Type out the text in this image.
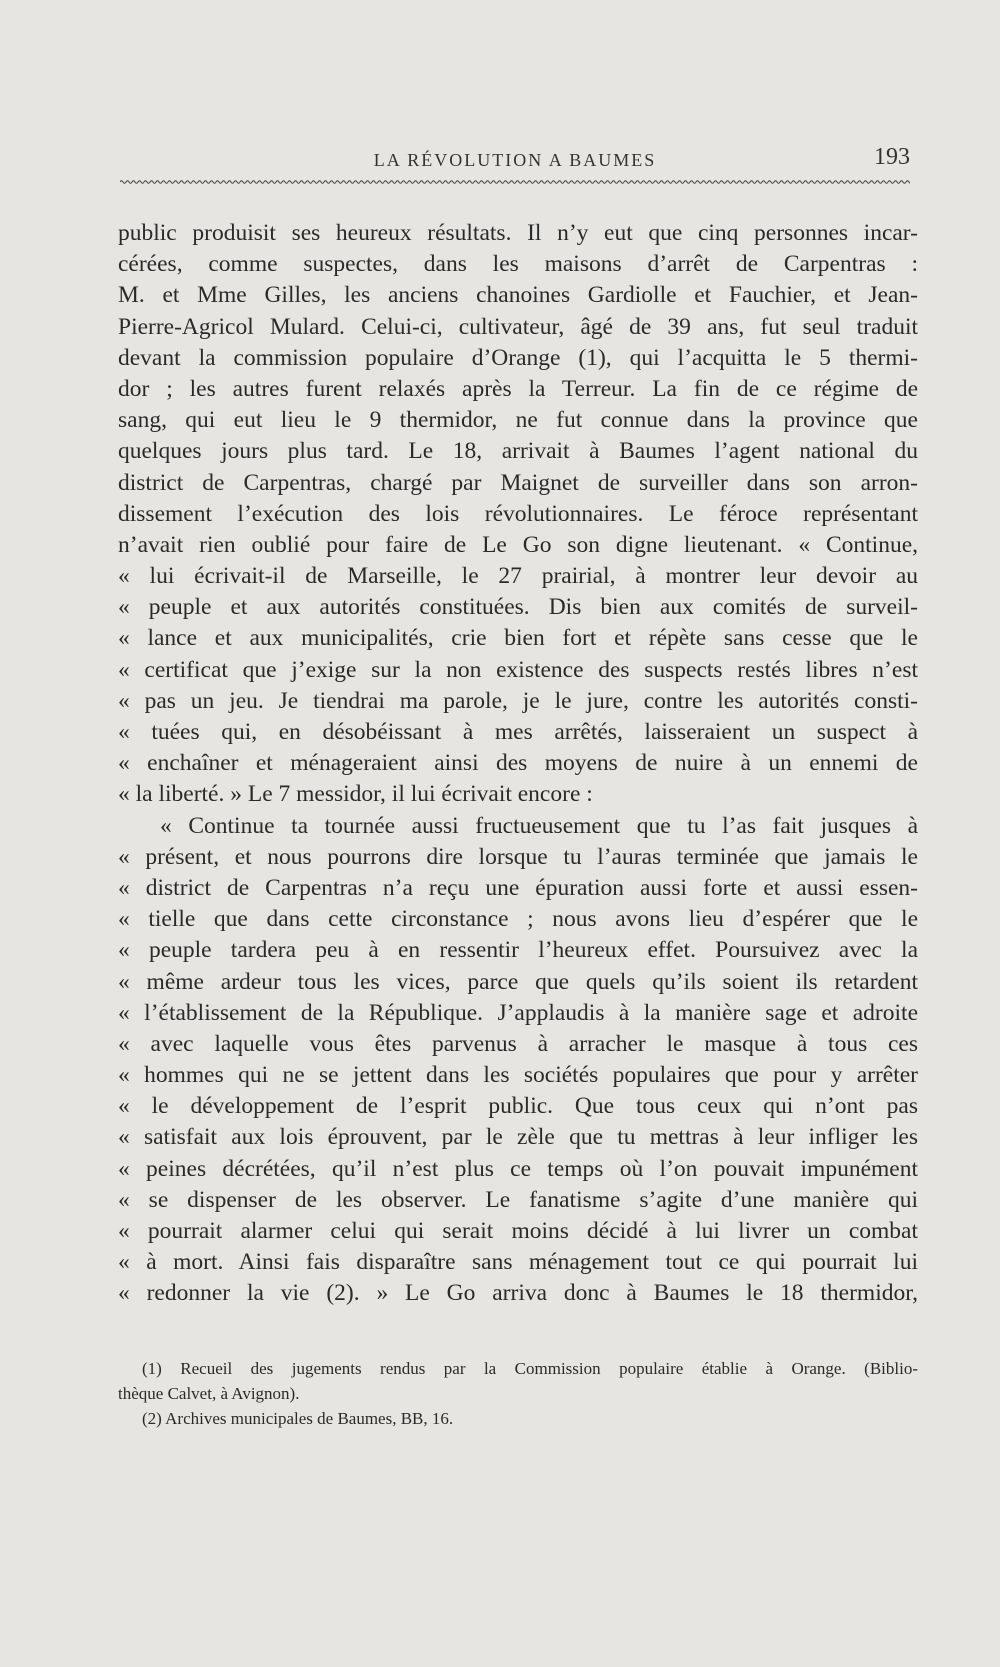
LA RÉVOLUTION A BAUMES	193
public produisit ses heureux résultats. Il n’y eut que cinq personnes incar-
cérées, comme suspectes, dans les maisons d’arrêt de Carpentras :
M. et Mme Gilles, les anciens chanoines Gardiolle et Fauchier, et Jean-
Pierre-Agricol Mulard. Celui-ci, cultivateur, âgé de 39 ans, fut seul traduit
devant la commission populaire d’Orange (1), qui l’acquitta le 5 thermi-
dor ; les autres furent relaxés après la Terreur. La fin de ce régime de
sang, qui eut lieu le 9 thermidor, ne fut connue dans la province que
quelques jours plus tard. Le 18, arrivait à Baumes l’agent national du
district de Carpentras, chargé par Maignet de surveiller dans son arron-
dissement l’exécution des lois révolutionnaires. Le féroce représentant
n’avait rien oublié pour faire de Le Go son digne lieutenant. « Continue,
« lui écrivait-il de Marseille, le 27 prairial, à montrer leur devoir au
« peuple et aux autorités constituées. Dis bien aux comités de surveil-
« lance et aux municipalités, crie bien fort et répète sans cesse que le
« certificat que j’exige sur la non existence des suspects restés libres n’est
« pas un jeu. Je tiendrai ma parole, je le jure, contre les autorités consti-
« tuées qui, en désobéissant à mes arrêtés, laisseraient un suspect à
« enchaîner et ménageraient ainsi des moyens de nuire à un ennemi de
« la liberté. » Le 7 messidor, il lui écrivait encore :
« Continue ta tournée aussi fructueusement que tu l’as fait jusques à
« présent, et nous pourrons dire lorsque tu l’auras terminée que jamais le
« district de Carpentras n’a reçu une épuration aussi forte et aussi essen-
« tielle que dans cette circonstance ; nous avons lieu d’espérer que le
« peuple tardera peu à en ressentir l’heureux effet. Poursuivez avec la
« même ardeur tous les vices, parce que quels qu’ils soient ils retardent
« l’établissement de la République. J’applaudis à la manière sage et adroite
« avec laquelle vous êtes parvenus à arracher le masque à tous ces
« hommes qui ne se jettent dans les sociétés populaires que pour y arrêter
« le développement de l’esprit public. Que tous ceux qui n’ont pas
« satisfait aux lois éprouvent, par le zèle que tu mettras à leur infliger les
« peines décrétées, qu’il n’est plus ce temps où l’on pouvait impunément
« se dispenser de les observer. Le fanatisme s’agite d’une manière qui
« pourrait alarmer celui qui serait moins décidé à lui livrer un combat
« à mort. Ainsi fais disparaître sans ménagement tout ce qui pourrait lui
« redonner la vie (2). » Le Go arriva donc à Baumes le 18 thermidor,
(1) Recueil des jugements rendus par la Commission populaire établie à Orange. (Biblio-
thèque Calvet, à Avignon).
(2) Archives municipales de Baumes, BB, 16.
